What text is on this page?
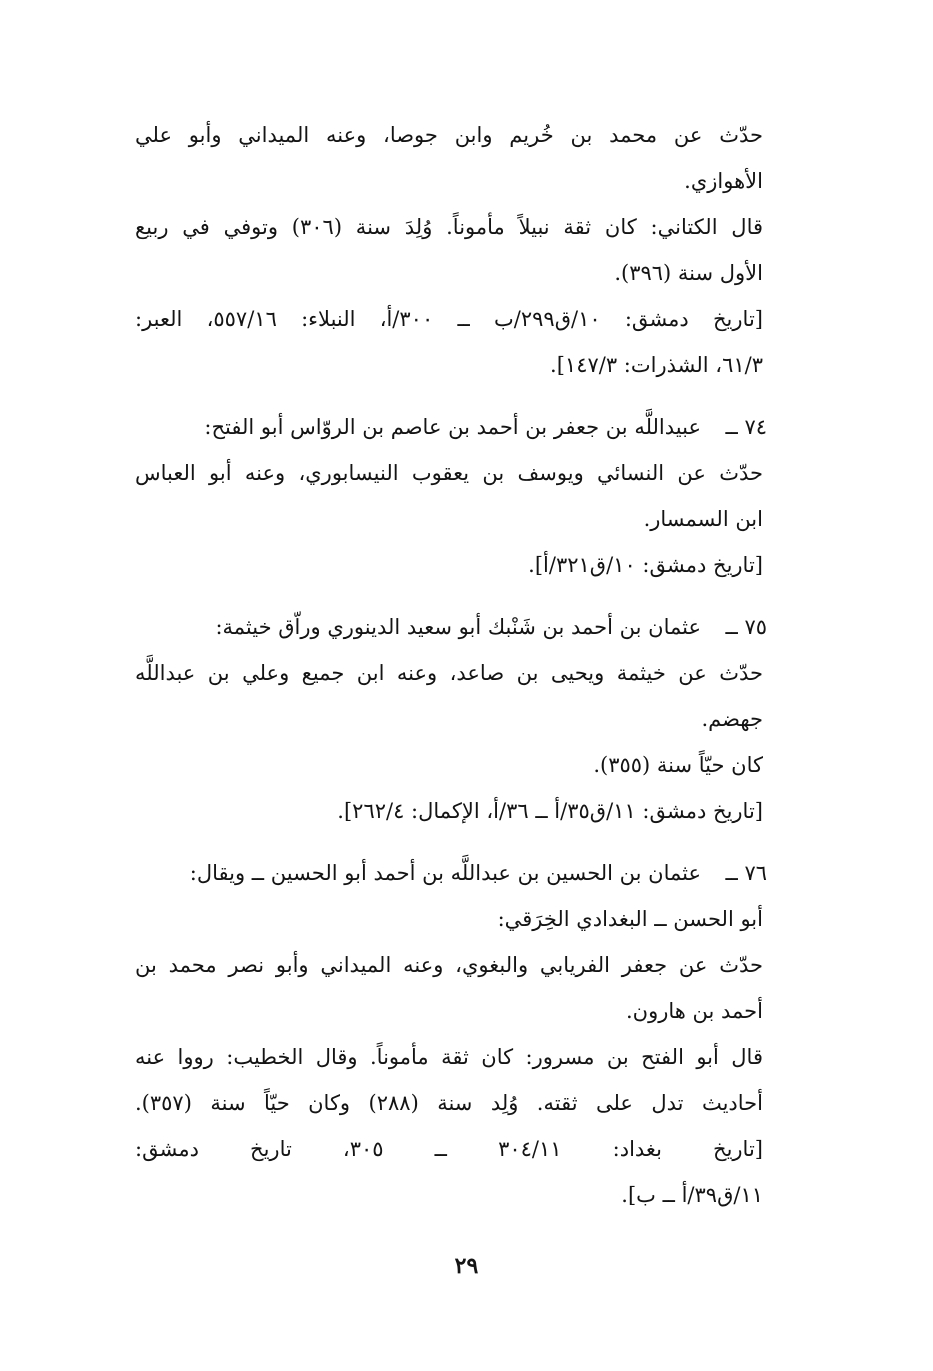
حدّث عن محمد بن خُريم وابن جوصا، وعنه الميداني وأبو علي
الأهوازي.
قال الكتاني: كان ثقة نبيلاً مأموناً. وُلِدَ سنة (٣٠٦) وتوفي في ربيع
الأول سنة (٣٩٦).
[تاريخ دمشق: ١٠/ق٢٩٩/ب ــ ٣٠٠/أ، النبلاء: ٥٥٧/١٦، العبر:
٦١/٣، الشذرات: ١٤٧/٣].
٧٤ ــ
عبيداللَّه بن جعفر بن أحمد بن عاصم بن الروّاس أبو الفتح:
حدّث عن النسائي ويوسف بن يعقوب النيسابوري، وعنه أبو العباس
ابن السمسار.
[تاريخ دمشق: ١٠/ق٣٢١/أ].
٧٥ ــ
عثمان بن أحمد بن شَنْبك أبو سعيد الدينوري وراّق خيثمة:
حدّث عن خيثمة ويحيى بن صاعد، وعنه ابن جميع وعلي بن عبداللَّه
جهضم.
كان حيّاً سنة (٣٥٥).
[تاريخ دمشق: ١١/ق٣٥/أ ــ ٣٦/أ، الإكمال: ٢٦٢/٤].
٧٦ ــ
عثمان بن الحسين بن عبداللَّه بن أحمد أبو الحسين ــ ويقال:
أبو الحسن ــ البغدادي الخِرَقي:
حدّث عن جعفر الفريابي والبغوي، وعنه الميداني وأبو نصر محمد بن
أحمد بن هارون.
قال أبو الفتح بن مسرور: كان ثقة مأموناً. وقال الخطيب: رووا عنه
أحاديث تدل على ثقته. وُلِد سنة (٢٨٨) وكان حيّاً سنة (٣٥٧).
[تاريخ بغداد: ٣٠٤/١١ ــ ٣٠٥، تاريخ دمشق:
١١/ق٣٩/أ ــ ب].
٢٩
